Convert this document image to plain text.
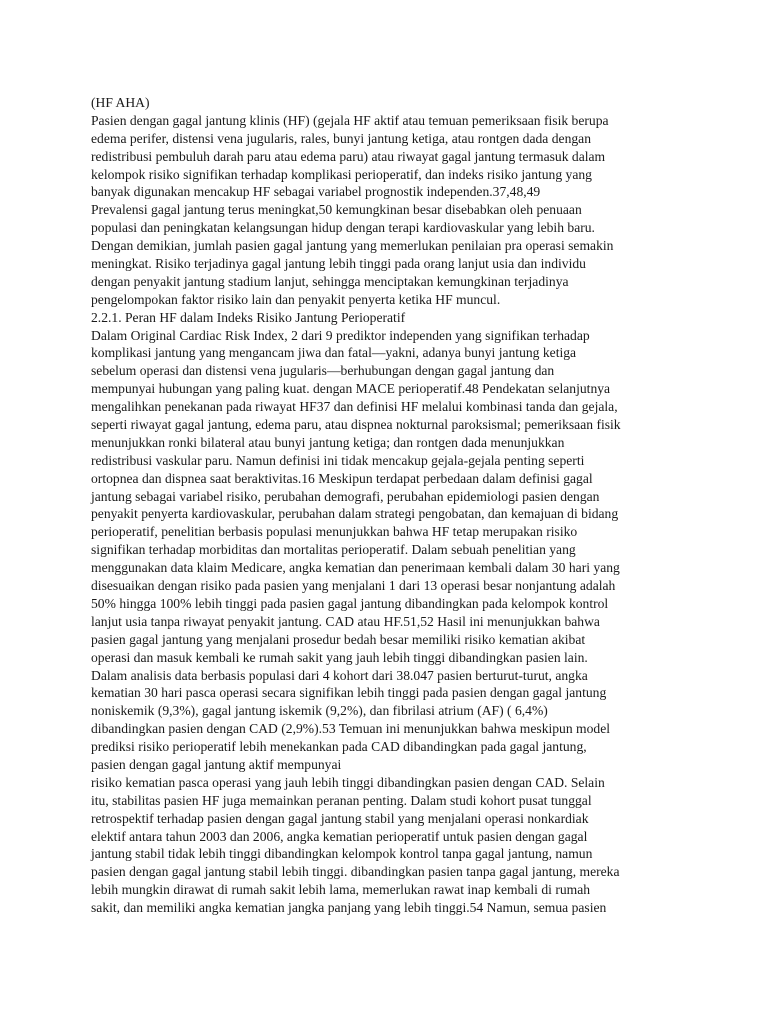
(HF AHA)
Pasien dengan gagal jantung klinis (HF) (gejala HF aktif atau temuan pemeriksaan fisik berupa
edema perifer, distensi vena jugularis, rales, bunyi jantung ketiga, atau rontgen dada dengan
redistribusi pembuluh darah paru atau edema paru) atau riwayat gagal jantung termasuk dalam
kelompok risiko signifikan terhadap komplikasi perioperatif, dan indeks risiko jantung yang
banyak digunakan mencakup HF sebagai variabel prognostik independen.37,48,49
Prevalensi gagal jantung terus meningkat,50 kemungkinan besar disebabkan oleh penuaan
populasi dan peningkatan kelangsungan hidup dengan terapi kardiovaskular yang lebih baru.
Dengan demikian, jumlah pasien gagal jantung yang memerlukan penilaian pra operasi semakin
meningkat. Risiko terjadinya gagal jantung lebih tinggi pada orang lanjut usia dan individu
dengan penyakit jantung stadium lanjut, sehingga menciptakan kemungkinan terjadinya
pengelompokan faktor risiko lain dan penyakit penyerta ketika HF muncul.
2.2.1. Peran HF dalam Indeks Risiko Jantung Perioperatif
Dalam Original Cardiac Risk Index, 2 dari 9 prediktor independen yang signifikan terhadap
komplikasi jantung yang mengancam jiwa dan fatal—yakni, adanya bunyi jantung ketiga
sebelum operasi dan distensi vena jugularis—berhubungan dengan gagal jantung dan
mempunyai hubungan yang paling kuat. dengan MACE perioperatif.48 Pendekatan selanjutnya
mengalihkan penekanan pada riwayat HF37 dan definisi HF melalui kombinasi tanda dan gejala,
seperti riwayat gagal jantung, edema paru, atau dispnea nokturnal paroksismal; pemeriksaan fisik
menunjukkan ronki bilateral atau bunyi jantung ketiga; dan rontgen dada menunjukkan
redistribusi vaskular paru. Namun definisi ini tidak mencakup gejala-gejala penting seperti
ortopnea dan dispnea saat beraktivitas.16 Meskipun terdapat perbedaan dalam definisi gagal
jantung sebagai variabel risiko, perubahan demografi, perubahan epidemiologi pasien dengan
penyakit penyerta kardiovaskular, perubahan dalam strategi pengobatan, dan kemajuan di bidang
perioperatif, penelitian berbasis populasi menunjukkan bahwa HF tetap merupakan risiko
signifikan terhadap morbiditas dan mortalitas perioperatif. Dalam sebuah penelitian yang
menggunakan data klaim Medicare, angka kematian dan penerimaan kembali dalam 30 hari yang
disesuaikan dengan risiko pada pasien yang menjalani 1 dari 13 operasi besar nonjantung adalah
50% hingga 100% lebih tinggi pada pasien gagal jantung dibandingkan pada kelompok kontrol
lanjut usia tanpa riwayat penyakit jantung. CAD atau HF.51,52 Hasil ini menunjukkan bahwa
pasien gagal jantung yang menjalani prosedur bedah besar memiliki risiko kematian akibat
operasi dan masuk kembali ke rumah sakit yang jauh lebih tinggi dibandingkan pasien lain.
Dalam analisis data berbasis populasi dari 4 kohort dari 38.047 pasien berturut-turut, angka
kematian 30 hari pasca operasi secara signifikan lebih tinggi pada pasien dengan gagal jantung
noniskemik (9,3%), gagal jantung iskemik (9,2%), dan fibrilasi atrium (AF) ( 6,4%)
dibandingkan pasien dengan CAD (2,9%).53 Temuan ini menunjukkan bahwa meskipun model
prediksi risiko perioperatif lebih menekankan pada CAD dibandingkan pada gagal jantung,
pasien dengan gagal jantung aktif mempunyai
risiko kematian pasca operasi yang jauh lebih tinggi dibandingkan pasien dengan CAD. Selain
itu, stabilitas pasien HF juga memainkan peranan penting. Dalam studi kohort pusat tunggal
retrospektif terhadap pasien dengan gagal jantung stabil yang menjalani operasi nonkardiak
elektif antara tahun 2003 dan 2006, angka kematian perioperatif untuk pasien dengan gagal
jantung stabil tidak lebih tinggi dibandingkan kelompok kontrol tanpa gagal jantung, namun
pasien dengan gagal jantung stabil lebih tinggi. dibandingkan pasien tanpa gagal jantung, mereka
lebih mungkin dirawat di rumah sakit lebih lama, memerlukan rawat inap kembali di rumah
sakit, dan memiliki angka kematian jangka panjang yang lebih tinggi.54 Namun, semua pasien
